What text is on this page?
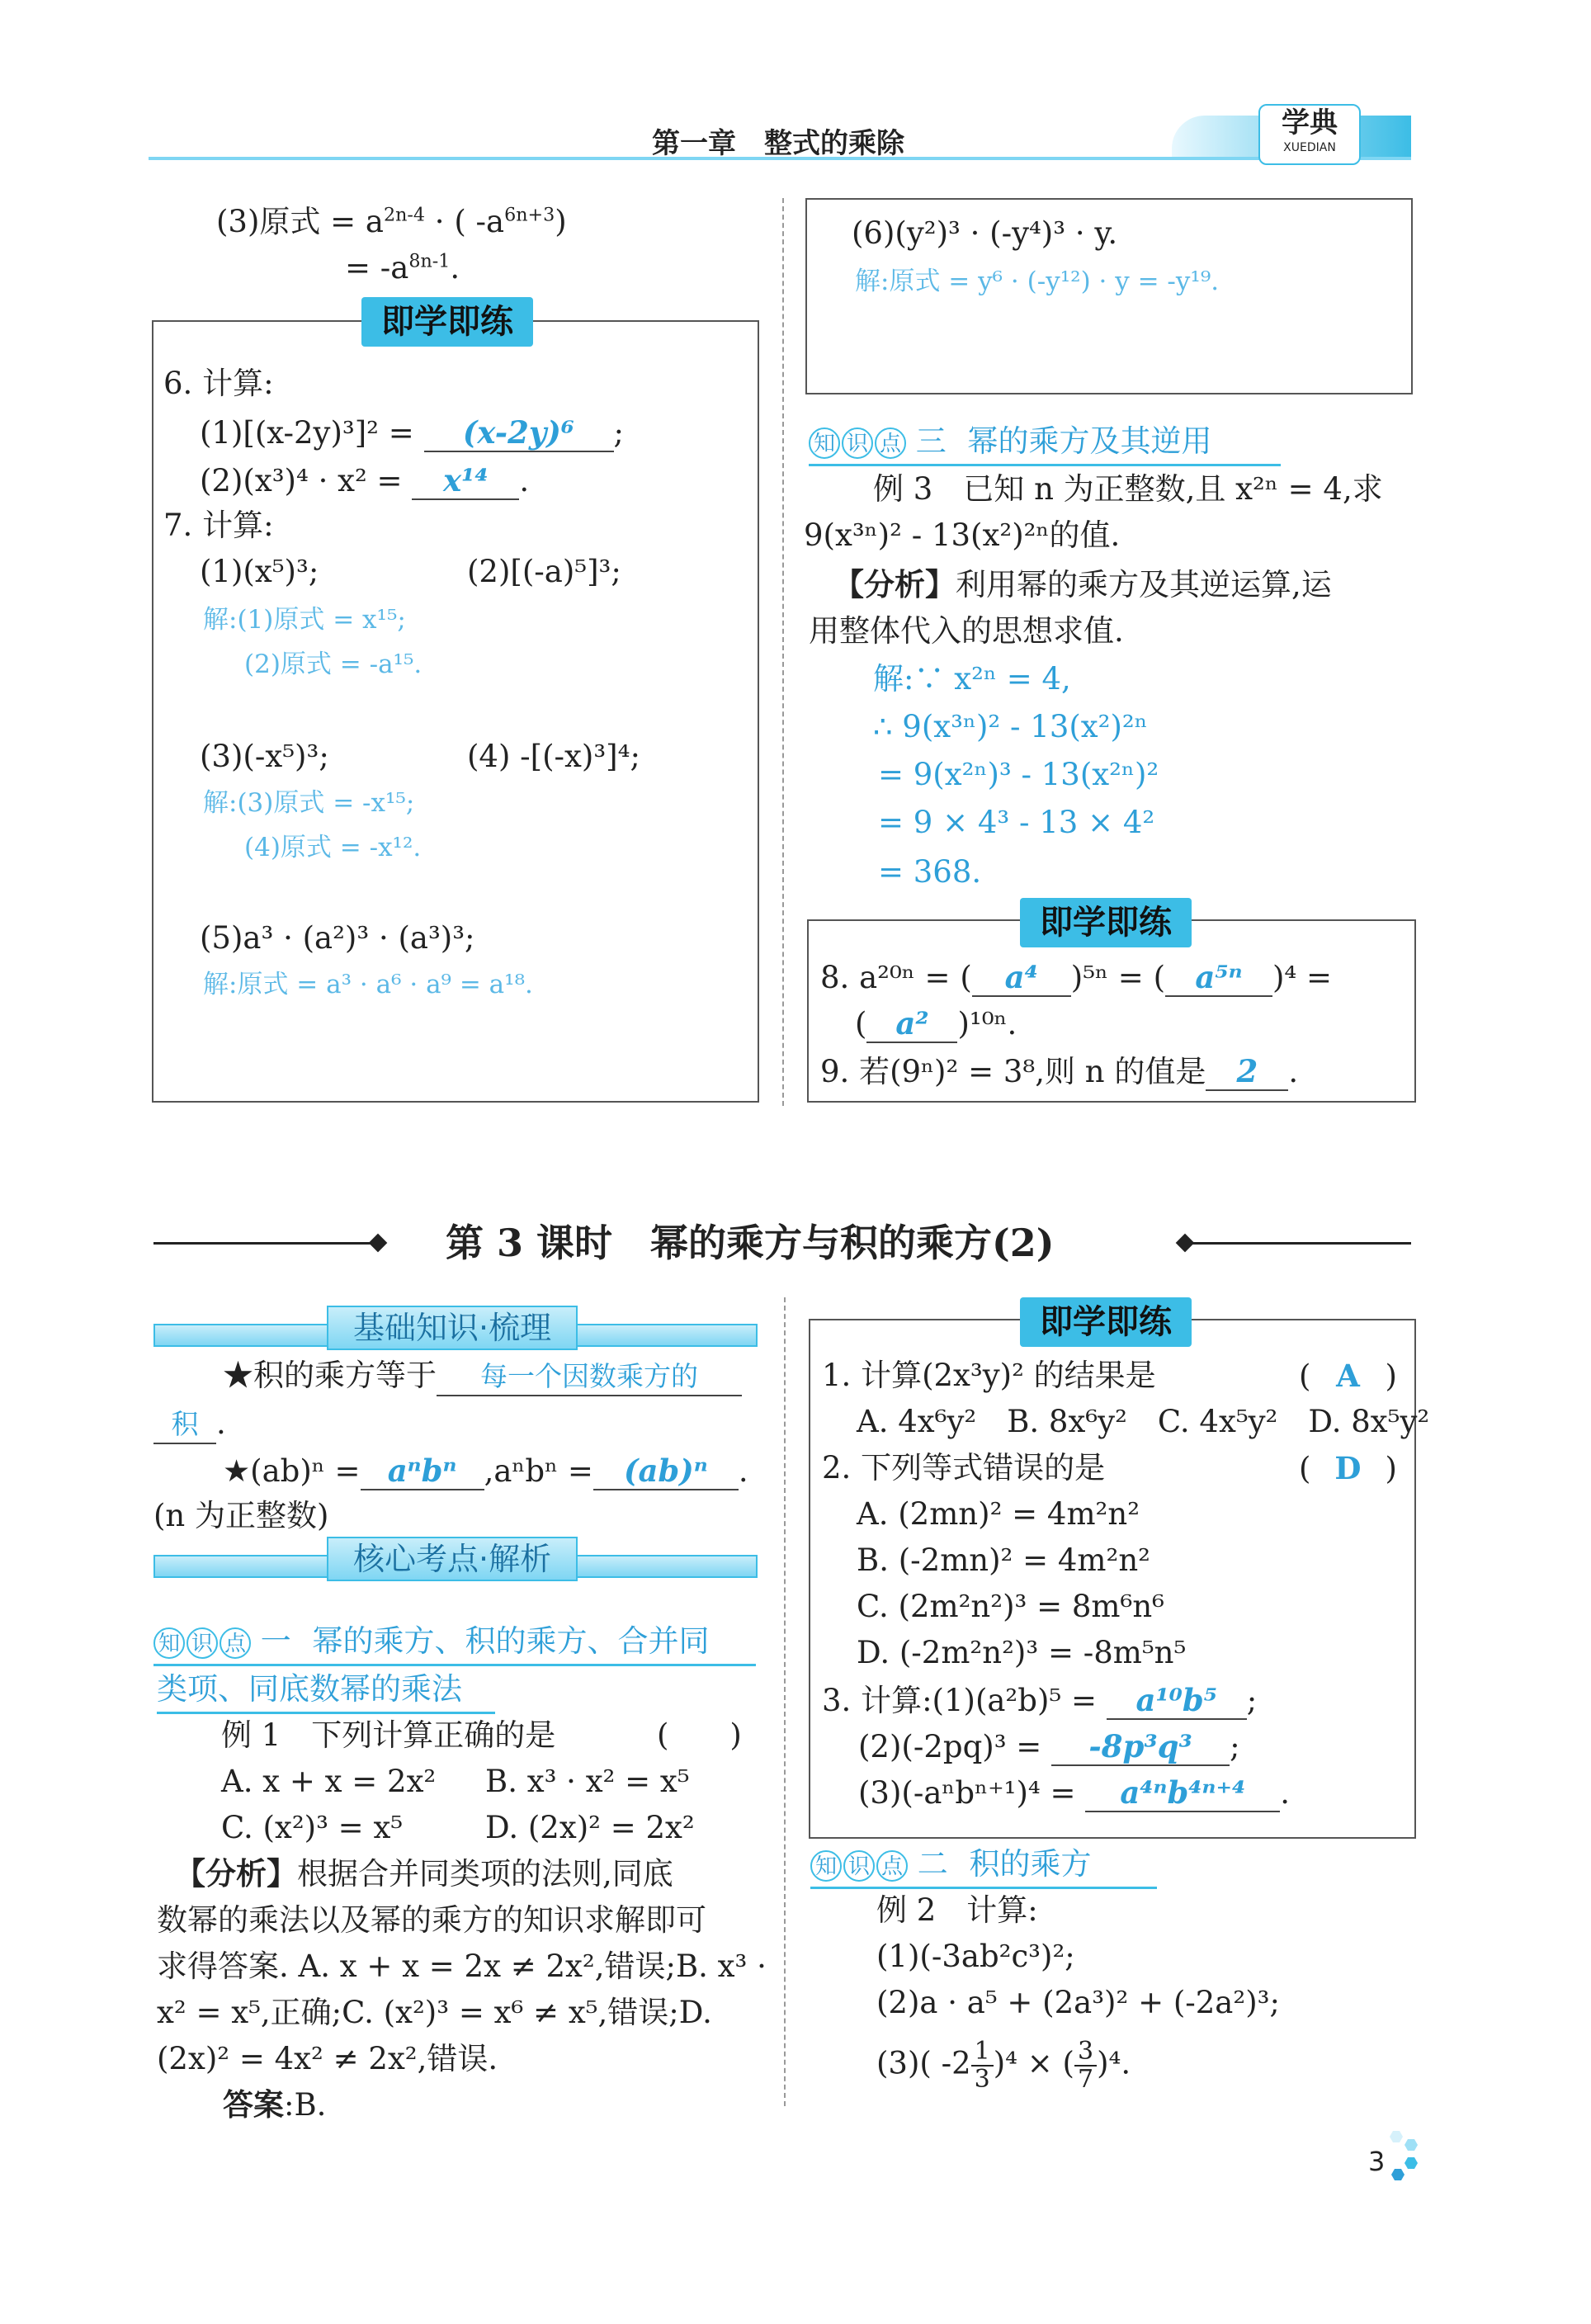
第一章　整式的乘除
学典
XUEDIAN
(3)原式 = $a^{2n-4}$ · ( $-a^{6n+3}$)
= $-a^{8n-1}$.
即学即练
6. 计算:
(1)[(x-2y)³]² = (x-2y)⁶ ;
(2)(x³)⁴ · x² = x¹⁴ .
7. 计算:
(1)(x⁵)³;	(2)[(-a)⁵]³;
解:(1)原式 = x¹⁵;
(2)原式 = -a¹⁵.
(3)(-x⁵)³;	(4) -[(-x)³]⁴;
解:(3)原式 = -x¹⁵;
(4)原式 = -x¹².
(5)a³ · (a²)³ · (a³)³;
解:原式 = a³ · a⁶ · a⁹ = a¹⁸.
(6)(y²)³ · (-y⁴)³ · y.
解:原式 = y⁶ · (-y¹²) · y = -y¹⁹.
知 识 点 三 幂的乘方及其逆用
例 3　已知 n 为正整数,且 x²ⁿ = 4,求
9(x³ⁿ)² - 13(x²)²ⁿ的值.
【分析】利用幂的乘方及其逆运算,运
用整体代入的思想求值.
解:∵ x²ⁿ = 4,
∴ 9(x³ⁿ)² - 13(x²)²ⁿ
= 9(x²ⁿ)³ - 13(x²ⁿ)²
= 9 × 4³ - 13 × 4²
= 368.
即学即练
8. a²⁰ⁿ = ( a⁴ )⁵ⁿ = ( a⁵ⁿ )⁴ =
( a² )¹⁰ⁿ.
9. 若(9ⁿ)² = 3⁸,则 n 的值是 2 .
第 3 课时　幂的乘方与积的乘方(2)
基础知识·梳理
★积的乘方等于 每一个因数乘方的
积 .
★(ab)ⁿ = aⁿbⁿ ,aⁿbⁿ = (ab)ⁿ .
(n 为正整数)
核心考点·解析
知 识 点 一 幂的乘方、积的乘方、合并同
类项、同底数幂的乘法
例 1　下列计算正确的是	(　　)
A. x + x = 2x² B. x³ · x² = x⁵
C. (x²)³ = x⁵	D. (2x)² = 2x²
【分析】根据合并同类项的法则,同底
数幂的乘法以及幂的乘方的知识求解即可
求得答案. A. x + x = 2x ≠ 2x²,错误;B. x³ ·
x² = x⁵,正确;C. (x²)³ = x⁶ ≠ x⁵,错误;D.
(2x)² = 4x² ≠ 2x²,错误.
答案:B.
即学即练
1. 计算(2x³y)² 的结果是	( A )
A. 4x⁶y²　B. 8x⁶y²　C. 4x⁵y²　D. 8x⁵y²
2. 下列等式错误的是	( D )
A. (2mn)² = 4m²n²
B. (-2mn)² = 4m²n²
C. (2m²n²)³ = 8m⁶n⁶
D. (-2m²n²)³ = -8m⁵n⁵
3. 计算:(1)(a²b)⁵ = a¹⁰b⁵ ;
(2)(-2pq)³ = -8p³q³ ;
(3)(-aⁿbⁿ⁺¹)⁴ = a⁴ⁿb⁴ⁿ⁺⁴ .
知 识 点 二 积的乘方
例 2　计算:
(1)(-3ab²c³)²;
(2)a · a⁵ + (2a³)² + (-2a²)³;
(3)( $-2 \frac{1}{3} )^4$ × ( $\frac{3}{7} )^4$.
3
